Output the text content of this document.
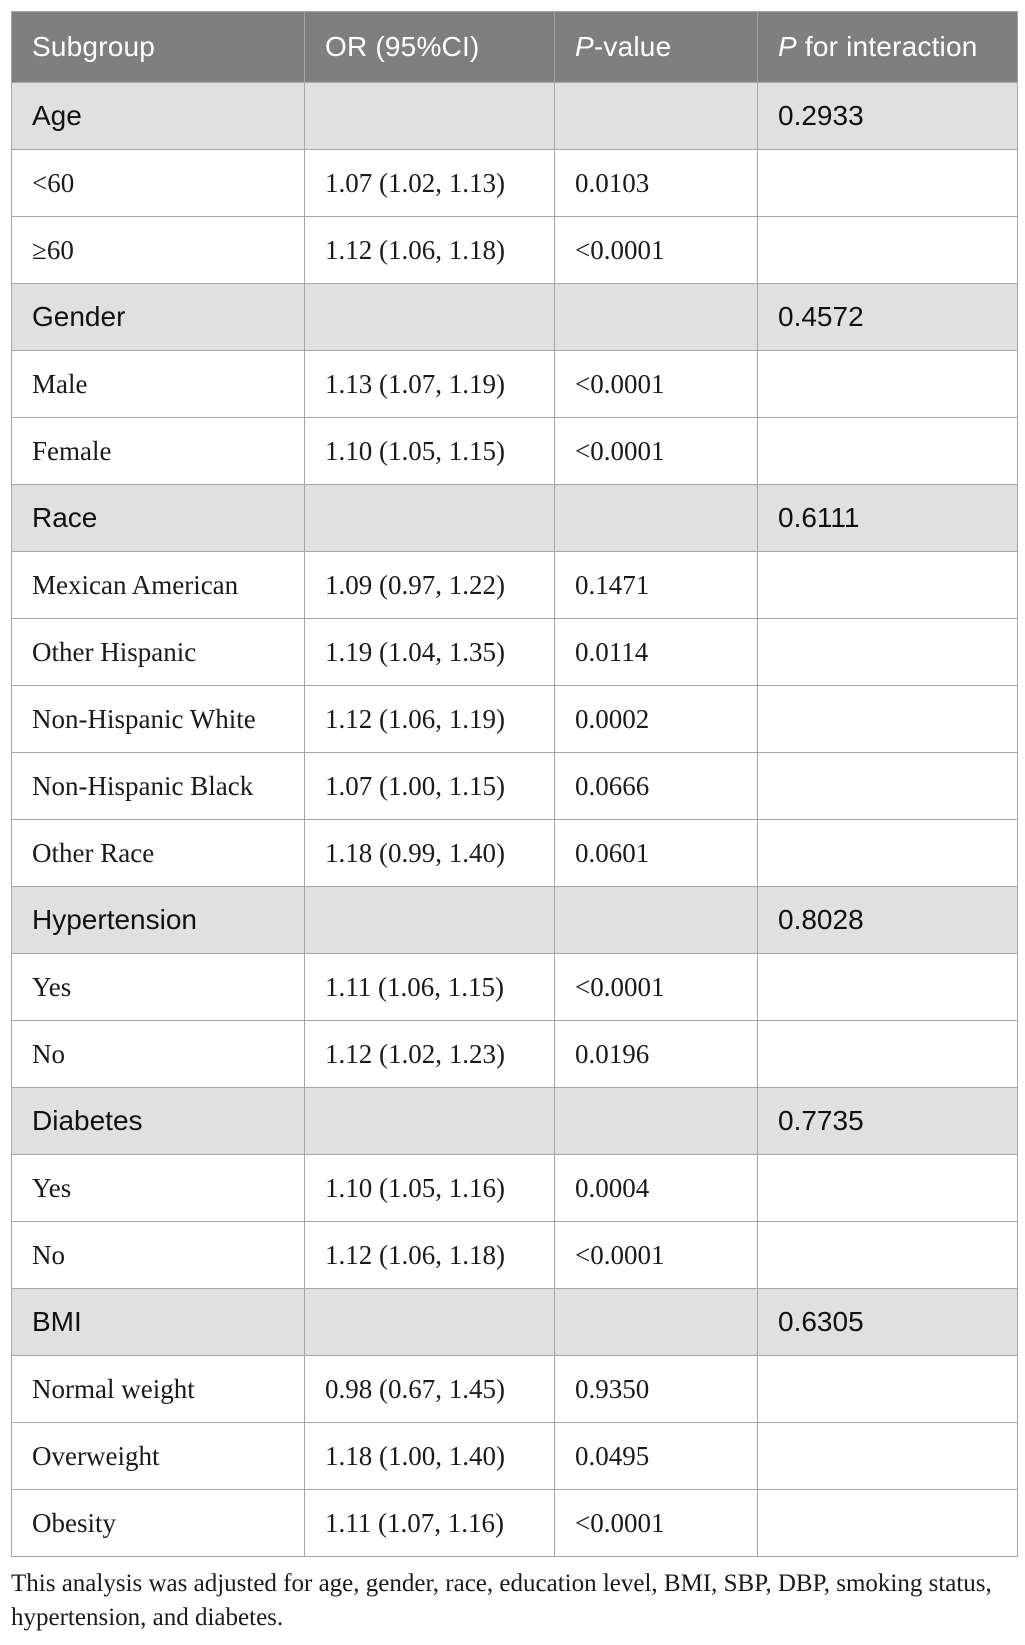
Subgroup	OR (95%CI)	P-value	P for interaction
Age			0.2933
<60	1.07 (1.02, 1.13)	0.0103	
≥60	1.12 (1.06, 1.18)	<0.0001	
Gender			0.4572
Male	1.13 (1.07, 1.19)	<0.0001	
Female	1.10 (1.05, 1.15)	<0.0001	
Race			0.6111
Mexican American	1.09 (0.97, 1.22)	0.1471	
Other Hispanic	1.19 (1.04, 1.35)	0.0114	
Non-Hispanic White	1.12 (1.06, 1.19)	0.0002	
Non-Hispanic Black	1.07 (1.00, 1.15)	0.0666	
Other Race	1.18 (0.99, 1.40)	0.0601	
Hypertension			0.8028
Yes	1.11 (1.06, 1.15)	<0.0001	
No	1.12 (1.02, 1.23)	0.0196	
Diabetes			0.7735
Yes	1.10 (1.05, 1.16)	0.0004	
No	1.12 (1.06, 1.18)	<0.0001	
BMI			0.6305
Normal weight	0.98 (0.67, 1.45)	0.9350	
Overweight	1.18 (1.00, 1.40)	0.0495	
Obesity	1.11 (1.07, 1.16)	<0.0001	
This analysis was adjusted for age, gender, race, education level, BMI, SBP, DBP, smoking status, hypertension, and diabetes.
